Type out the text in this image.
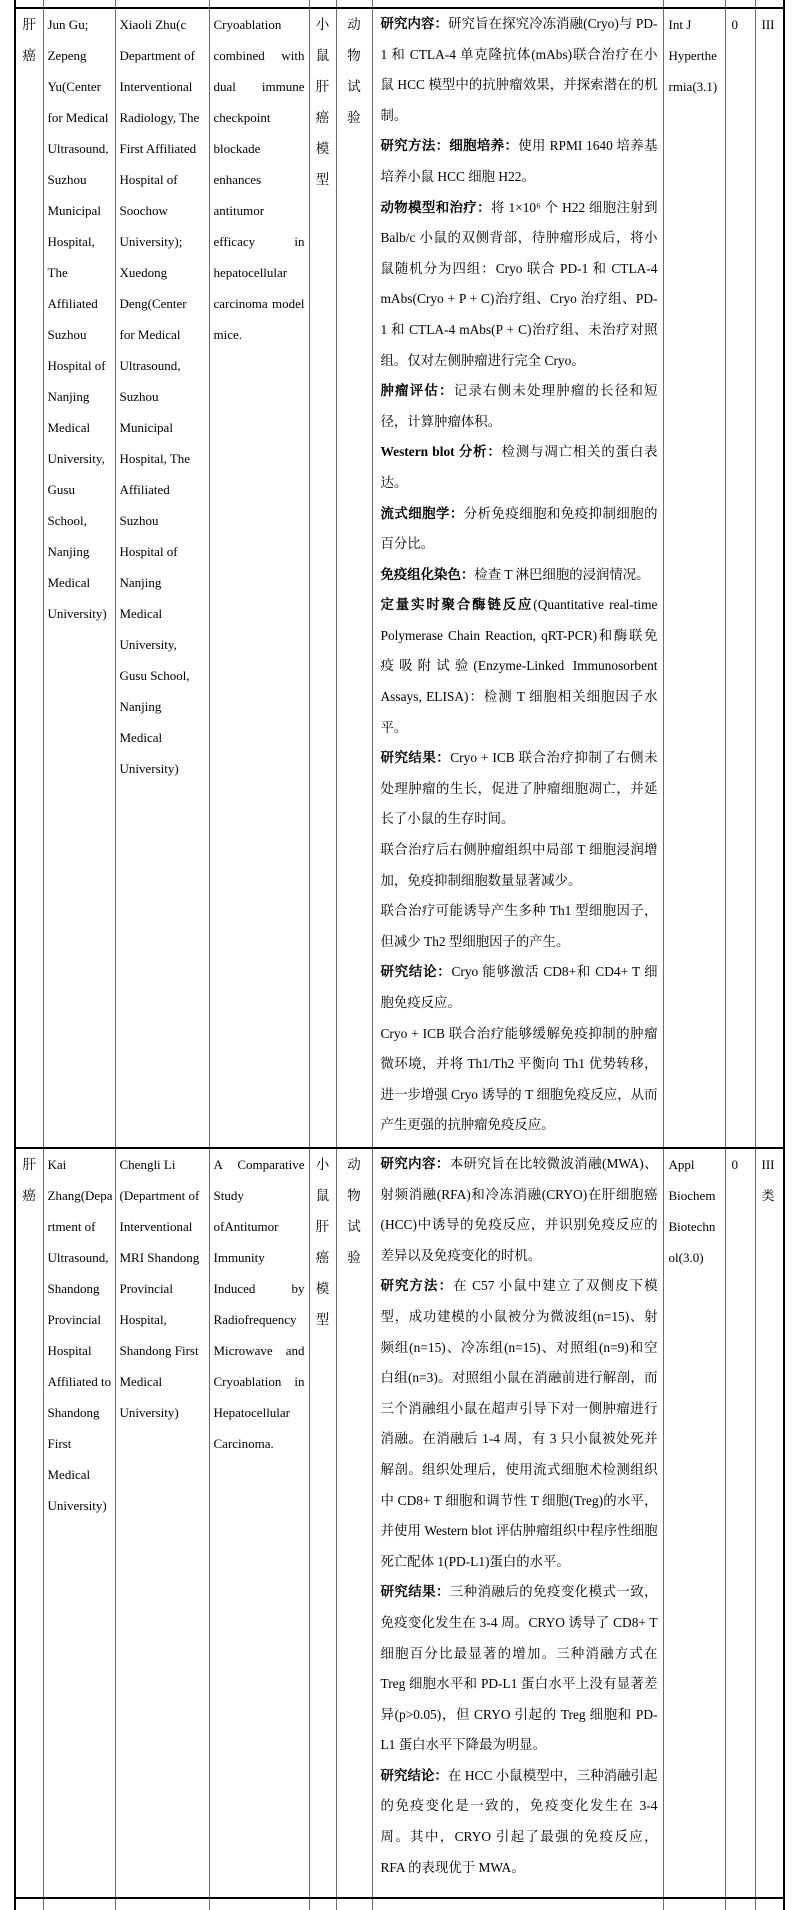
肝癌	Jun Gu; Zepeng Yu(Center for Medical Ultrasound, Suzhou Municipal Hospital, The Affiliated Suzhou Hospital of Nanjing Medical University, Gusu School, Nanjing Medical University)	Xiaoli Zhu(c Department of Interventional Radiology, The First Affiliated Hospital of Soochow University); Xuedong Deng(Center for Medical Ultrasound, Suzhou Municipal Hospital, The Affiliated Suzhou Hospital of Nanjing Medical University, Gusu School, Nanjing Medical University)	Cryoablation combined with dual immune checkpoint blockade enhances antitumor efficacy in hepatocellular carcinoma model mice.	小鼠肝癌模型	动物试验	
研究内容：研究旨在探究冷冻消融(Cryo)与 PD-1 和 CTLA-4 单克隆抗体(mAbs)联合治疗在小鼠 HCC 模型中的抗肿瘤效果，并探索潜在的机制。
研究方法：细胞培养：使用 RPMI 1640 培养基培养小鼠 HCC 细胞 H22。
动物模型和治疗：将 1×10⁶ 个 H22 细胞注射到 Balb/c 小鼠的双侧背部，待肿瘤形成后，将小鼠随机分为四组：Cryo 联合 PD-1 和 CTLA-4 mAbs(Cryo + P + C)治疗组、Cryo 治疗组、PD-1 和 CTLA-4 mAbs(P + C)治疗组、未治疗对照组。仅对左侧肿瘤进行完全 Cryo。
肿瘤评估：记录右侧未处理肿瘤的长径和短径，计算肿瘤体积。
Western blot 分析：检测与凋亡相关的蛋白表达。
流式细胞学：分析免疫细胞和免疫抑制细胞的百分比。
免疫组化染色：检查 T 淋巴细胞的浸润情况。
定量实时聚合酶链反应(Quantitative real-time Polymerase Chain Reaction, qRT-PCR)和酶联免疫吸附试验(Enzyme-Linked Immunosorbent Assays, ELISA)：检测 T 细胞相关细胞因子水平。
研究结果：Cryo + ICB 联合治疗抑制了右侧未处理肿瘤的生长，促进了肿瘤细胞凋亡，并延长了小鼠的生存时间。
联合治疗后右侧肿瘤组织中局部 T 细胞浸润增加，免疫抑制细胞数量显著减少。
联合治疗可能诱导产生多种 Th1 型细胞因子，但减少 Th2 型细胞因子的产生。
研究结论：Cryo 能够激活 CD8+和 CD4+ T 细胞免疫反应。
Cryo + ICB 联合治疗能够缓解免疫抑制的肿瘤微环境，并将 Th1/Th2 平衡向 Th1 优势转移，进一步增强 Cryo 诱导的 T 细胞免疫反应，从而产生更强的抗肿瘤免疫反应。
	Int J Hyperthermia(3.1)	0	III
肝癌	Kai Zhang(Department of Ultrasound, Shandong Provincial Hospital Affiliated to Shandong First Medical University)	Chengli Li (Department of Interventional MRI Shandong Provincial Hospital, Shandong First Medical University)	A Comparative Study ofAntitumor Immunity Induced by Radiofrequency Microwave and Cryoablation in Hepatocellular Carcinoma.	小鼠肝癌模型	动物试验	研究内容：本研究旨在比较微波消融(MWA)、射频消融(RFA)和冷冻消融(CRYO)在肝细胞癌(HCC)中诱导的免疫反应，并识别免疫反应的差异以及免疫变化的时机。
研究方法：在 C57 小鼠中建立了双侧皮下模型，成功建模的小鼠被分为微波组(n=15)、射频组(n=15)、冷冻组(n=15)、对照组(n=9)和空白组(n=3)。对照组小鼠在消融前进行解剖，而三个消融组小鼠在超声引导下对一侧肿瘤进行消融。在消融后 1-4 周，有 3 只小鼠被处死并解剖。组织处理后，使用流式细胞术检测组织中 CD8+ T 细胞和调节性 T 细胞(Treg)的水平，并使用 Western blot 评估肿瘤组织中程序性细胞死亡配体 1(PD-L1)蛋白的水平。
研究结果：三种消融后的免疫变化模式一致，免疫变化发生在 3-4 周。CRYO 诱导了 CD8+ T 细胞百分比最显著的增加。三种消融方式在 Treg 细胞水平和 PD-L1 蛋白水平上没有显著差异(p>0.05)，但 CRYO 引起的 Treg 细胞和 PD-L1 蛋白水平下降最为明显。
研究结论：在 HCC 小鼠模型中，三种消融引起的免疫变化是一致的，免疫变化发生在 3-4 周。其中，CRYO 引起了最强的免疫反应，RFA 的表现优于 MWA。	Appl Biochem Biotechnol(3.0)	0	III 类
